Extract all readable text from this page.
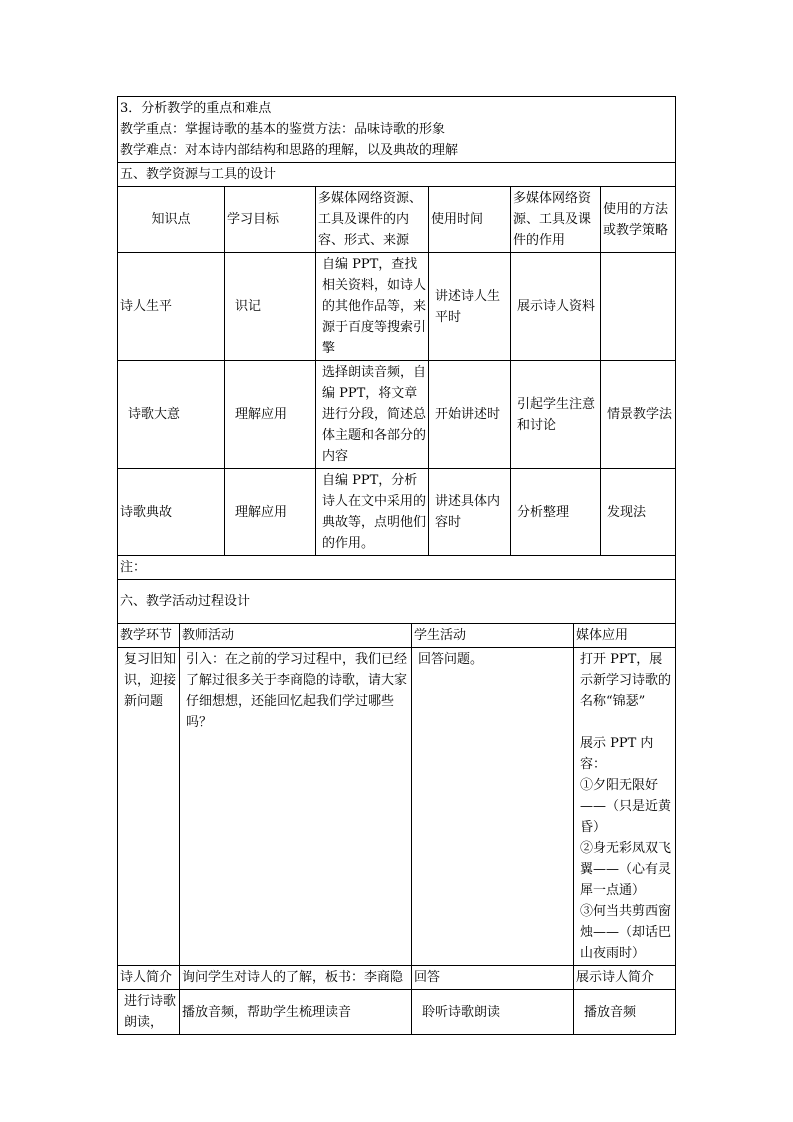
3．分析教学的重点和难点
教学重点：掌握诗歌的基本的鉴赏方法：品味诗歌的形象
教学难点：对本诗内部结构和思路的理解，以及典故的理解					

五、教学资源与工具的设计					
知识点	学习目标	多媒体网络资源、工具及课件的内容、形式、来源	使用时间	多媒体网络资源、工具及课件的作用	使用的方法或教学策略
诗人生平	识记	自编 PPT，查找相关资料，如诗人的其他作品等，来源于百度等搜索引擎	讲述诗人生平时	展示诗人资料	
诗歌大意	理解应用	选择朗读音频，自编 PPT，将文章进行分段，简述总体主题和各部分的内容	开始讲述时	引起学生注意和讨论	情景教学法
诗歌典故	理解应用	自编 PPT，分析诗人在文中采用的典故等，点明他们的作用。	讲述具体内容时	分析整理	发现法
注：					
六、教学活动过程设计					
教学环节	教师活动	学生活动	媒体应用
复习旧知识，迎接新问题	引入：在之前的学习过程中，我们已经了解过很多关于李商隐的诗歌，请大家仔细想想，还能回忆起我们学过哪些吗？	回答问题。	打开 PPT，展示新学习诗歌的名称“锦瑟”
展示 PPT 内容：
①夕阳无限好——（只是近黄昏）
②身无彩凤双飞翼——（心有灵犀一点通）
③何当共剪西窗烛——（却话巴山夜雨时）

诗人简介	询问学生对诗人的了解，板书：李商隐	回答	展示诗人简介
进行诗歌朗读，	播放音频，帮助学生梳理读音	聆听诗歌朗读	播放音频
